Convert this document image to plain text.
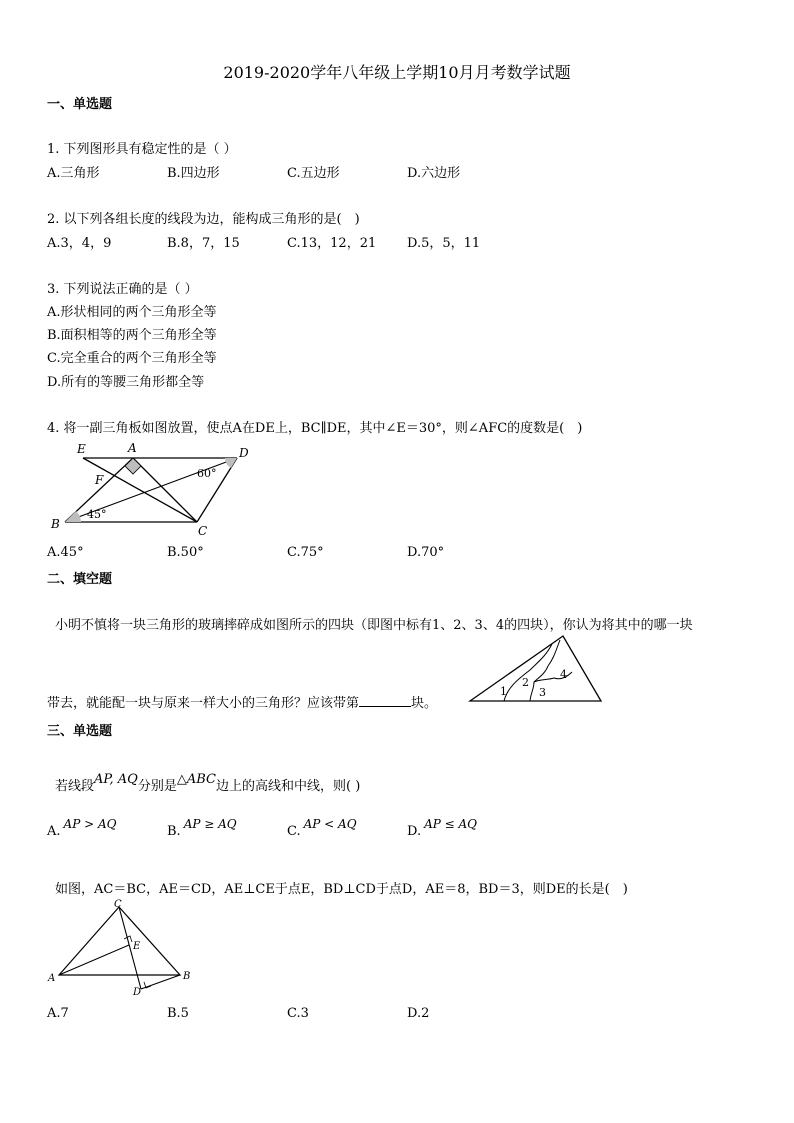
2019-2020学年八年级上学期10月月考数学试题
一、单选题
1. 下列图形具有稳定性的是（ ）
A.三角形	B.四边形	C.五边形	D.六边形
2. 以下列各组长度的线段为边，能构成三角形的是(　)
A.3，4，9	B.8，7，15	C.13，12，21 D.5，5，11
3. 下列说法正确的是（ ）
A.形状相同的两个三角形全等
B.面积相等的两个三角形全等
C.完全重合的两个三角形全等
D.所有的等腰三角形都全等
4. 将一副三角板如图放置，使点A在DE上，BC∥DE，其中∠E＝30°，则∠AFC的度数是(　)
E	A	D
F
B	C
60°
45°
A.45°	B.50°	C.75°	D.70°
二、填空题
小明不慎将一块三角形的玻璃摔碎成如图所示的四块（即图中标有1、2、3、4的四块），你认为将其中的哪一块
带去，就能配一块与原来一样大小的三角形？应该带第	块。
1
2
3
4
三、单选题
若线段AP, AQ分别是△ABC边上的高线和中线，则( )
A. AP > AQ	B. AP ≥ AQ	C. AP < AQ	D. AP ≤ AQ
如图，AC＝BC，AE＝CD，AE⊥CE于点E，BD⊥CD于点D，AE＝8，BD＝3，则DE的长是(　)
C
E
A	B
D
A.7	B.5	C.3	D.2
